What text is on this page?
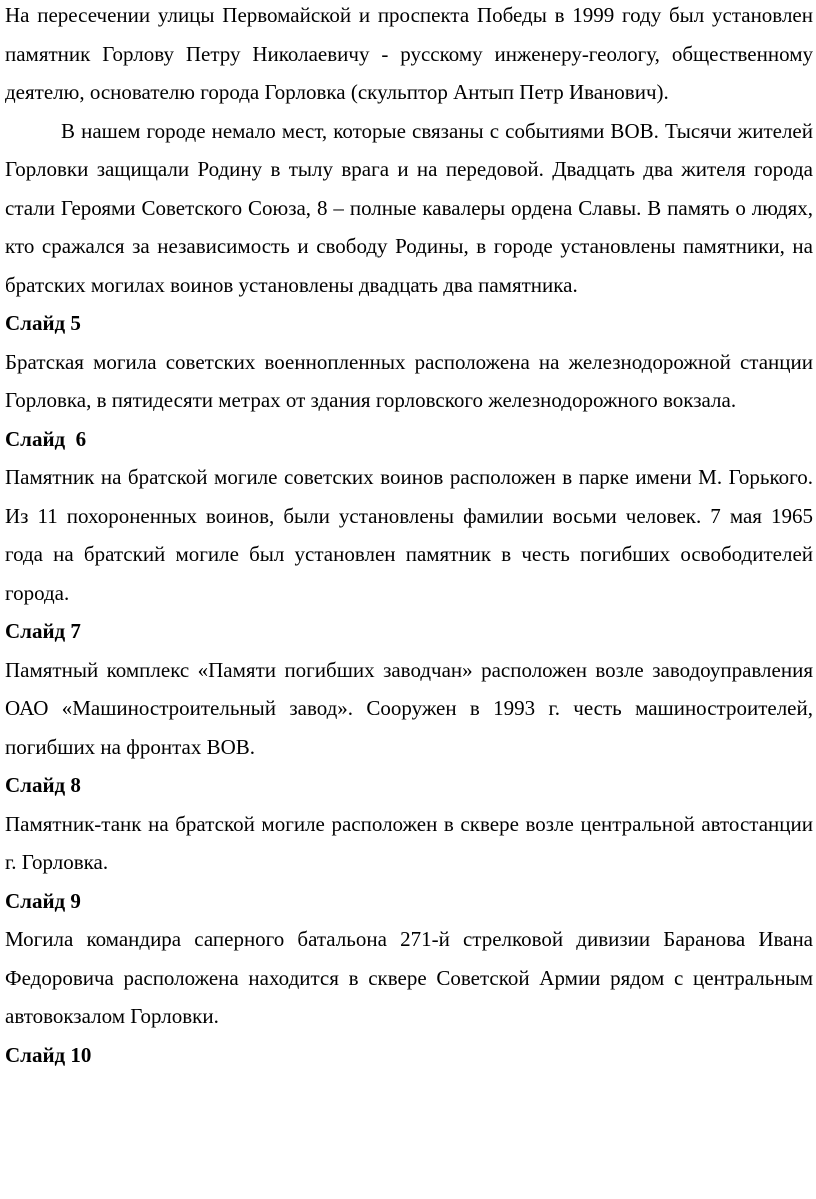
На пересечении улицы Первомайской и проспекта Победы в 1999 году был установлен памятник Горлову Петру Николаевичу - русскому инженеру-геологу, общественному деятелю, основателю города Горловка (скульптор Антып Петр Иванович).

В нашем городе немало мест, которые связаны с событиями ВОВ. Тысячи жителей Горловки защищали Родину в тылу врага и на передовой. Двадцать два жителя города стали Героями Советского Союза, 8 – полные кавалеры ордена Славы. В память о людях, кто сражался за независимость и свободу Родины, в городе установлены памятники, на братских могилах воинов установлены двадцать два памятника.

Слайд 5

Братская могила советских военнопленных расположена на железнодорожной станции Горловка, в пятидесяти метрах от здания горловского железнодорожного вокзала.

Слайд  6

Памятник на братской могиле советских воинов расположен в парке имени М. Горького. Из 11 похороненных воинов, были установлены фамилии восьми человек. 7 мая 1965 года на братский могиле был установлен памятник в честь погибших освободителей города.

Слайд 7

Памятный комплекс «Памяти погибших заводчан» расположен возле заводоуправления ОАО «Машиностроительный завод». Сооружен в 1993 г. честь машиностроителей, погибших на фронтах ВОВ.

Слайд 8

Памятник-танк на братской могиле расположен в сквере возле центральной автостанции г. Горловка.

Слайд 9

Могила командира саперного батальона 271-й стрелковой дивизии Баранова Ивана Федоровича расположена находится в сквере Советской Армии рядом с центральным автовокзалом Горловки.

Слайд 10
